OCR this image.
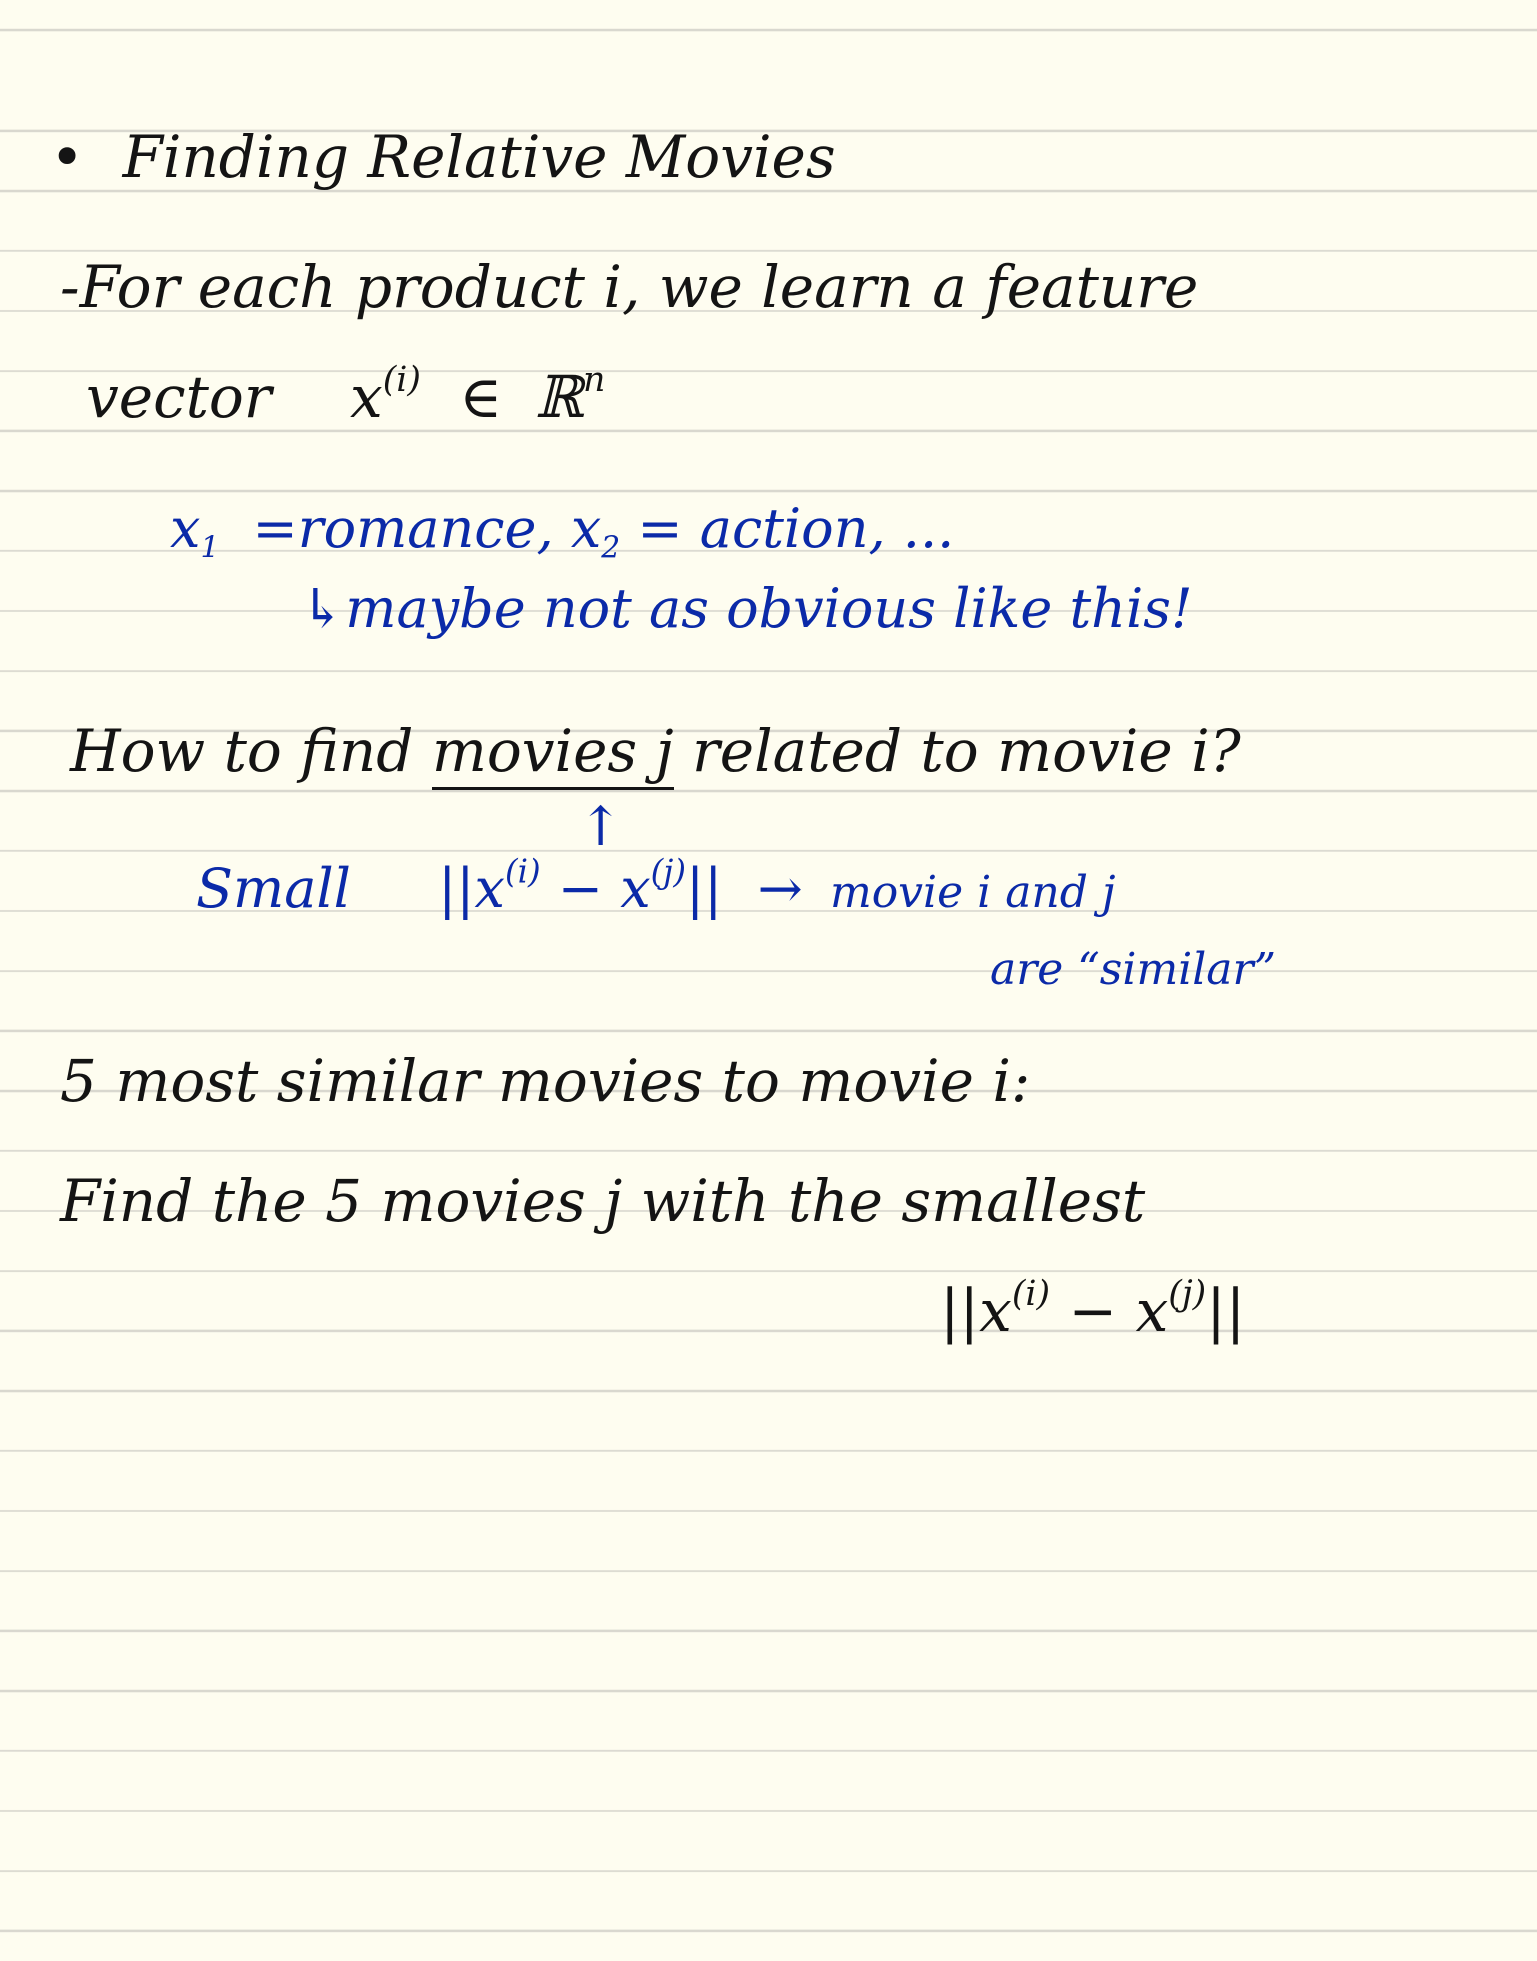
• Finding Relative Movies
-For each product i, we learn a feature
vector $x^{(i)}$ ∈ ℝ$^n$
$x_1$ =romance, $x_2$ = action, ...
↳maybe not as obvious like this!
How to find movies j related to movie i?
↑
Small $||x^{(i)} - x^{(j)}||$ → movie i and j
are “similar”
5 most similar movies to movie i:
Find the 5 movies j with the smallest
$||x^{(i)} - x^{(j)}||$
